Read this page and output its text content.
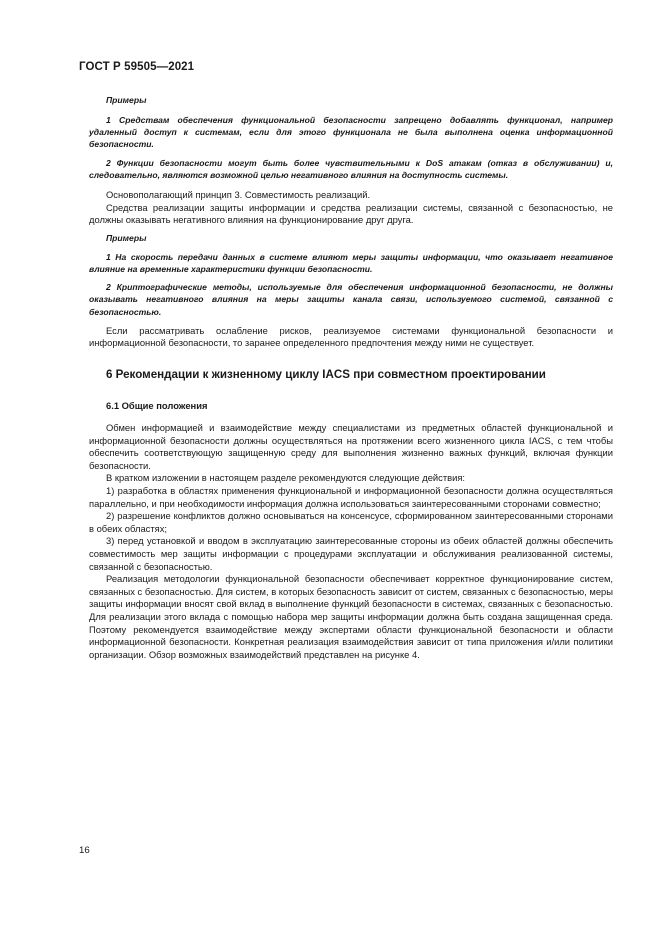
ГОСТ Р 59505—2021

Примеры

1 Средствам обеспечения функциональной безопасности запрещено добавлять функционал, например удаленный доступ к системам, если для этого функционала не была выполнена оценка информационной безопасности.

2 Функции безопасности могут быть более чувствительными к DoS атакам (отказ в обслуживании) и, следовательно, являются возможной целью негативного влияния на доступность системы.

Основополагающий принцип 3. Совместимость реализаций.

Средства реализации защиты информации и средства реализации системы, связанной с безопасностью, не должны оказывать негативного влияния на функционирование друг друга.

Примеры

1 На скорость передачи данных в системе влияют меры защиты информации, что оказывает негативное влияние на временные характеристики функции безопасности.

2 Криптографические методы, используемые для обеспечения информационной безопасности, не должны оказывать негативного влияния на меры защиты канала связи, используемого системой, связанной с безопасностью.

Если рассматривать ослабление рисков, реализуемое системами функциональной безопасности и информационной безопасности, то заранее определенного предпочтения между ними не существует.

6 Рекомендации к жизненному циклу IACS при совместном проектировании

6.1 Общие положения

Обмен информацией и взаимодействие между специалистами из предметных областей функциональной и информационной безопасности должны осуществляться на протяжении всего жизненного цикла IACS, с тем чтобы обеспечить соответствующую защищенную среду для выполнения жизненно важных функций, включая функции безопасности.

В кратком изложении в настоящем разделе рекомендуются следующие действия:

1) разработка в областях применения функциональной и информационной безопасности должна осуществляться параллельно, и при необходимости информация должна использоваться заинтересованными сторонами совместно;

2) разрешение конфликтов должно основываться на консенсусе, сформированном заинтересованными сторонами в обеих областях;

3) перед установкой и вводом в эксплуатацию заинтересованные стороны из обеих областей должны обеспечить совместимость мер защиты информации с процедурами эксплуатации и обслуживания реализованной системы, связанной с безопасностью.

Реализация методологии функциональной безопасности обеспечивает корректное функционирование систем, связанных с безопасностью. Для систем, в которых безопасность зависит от систем, связанных с безопасностью, меры защиты информации вносят свой вклад в выполнение функций безопасности в системах, связанных с безопасностью. Для реализации этого вклада с помощью набора мер защиты информации должна быть создана защищенная среда. Поэтому рекомендуется взаимодействие между экспертами области функциональной безопасности и области информационной безопасности. Конкретная реализация взаимодействия зависит от типа приложения и/или политики организации. Обзор возможных взаимодействий представлен на рисунке 4.

16
